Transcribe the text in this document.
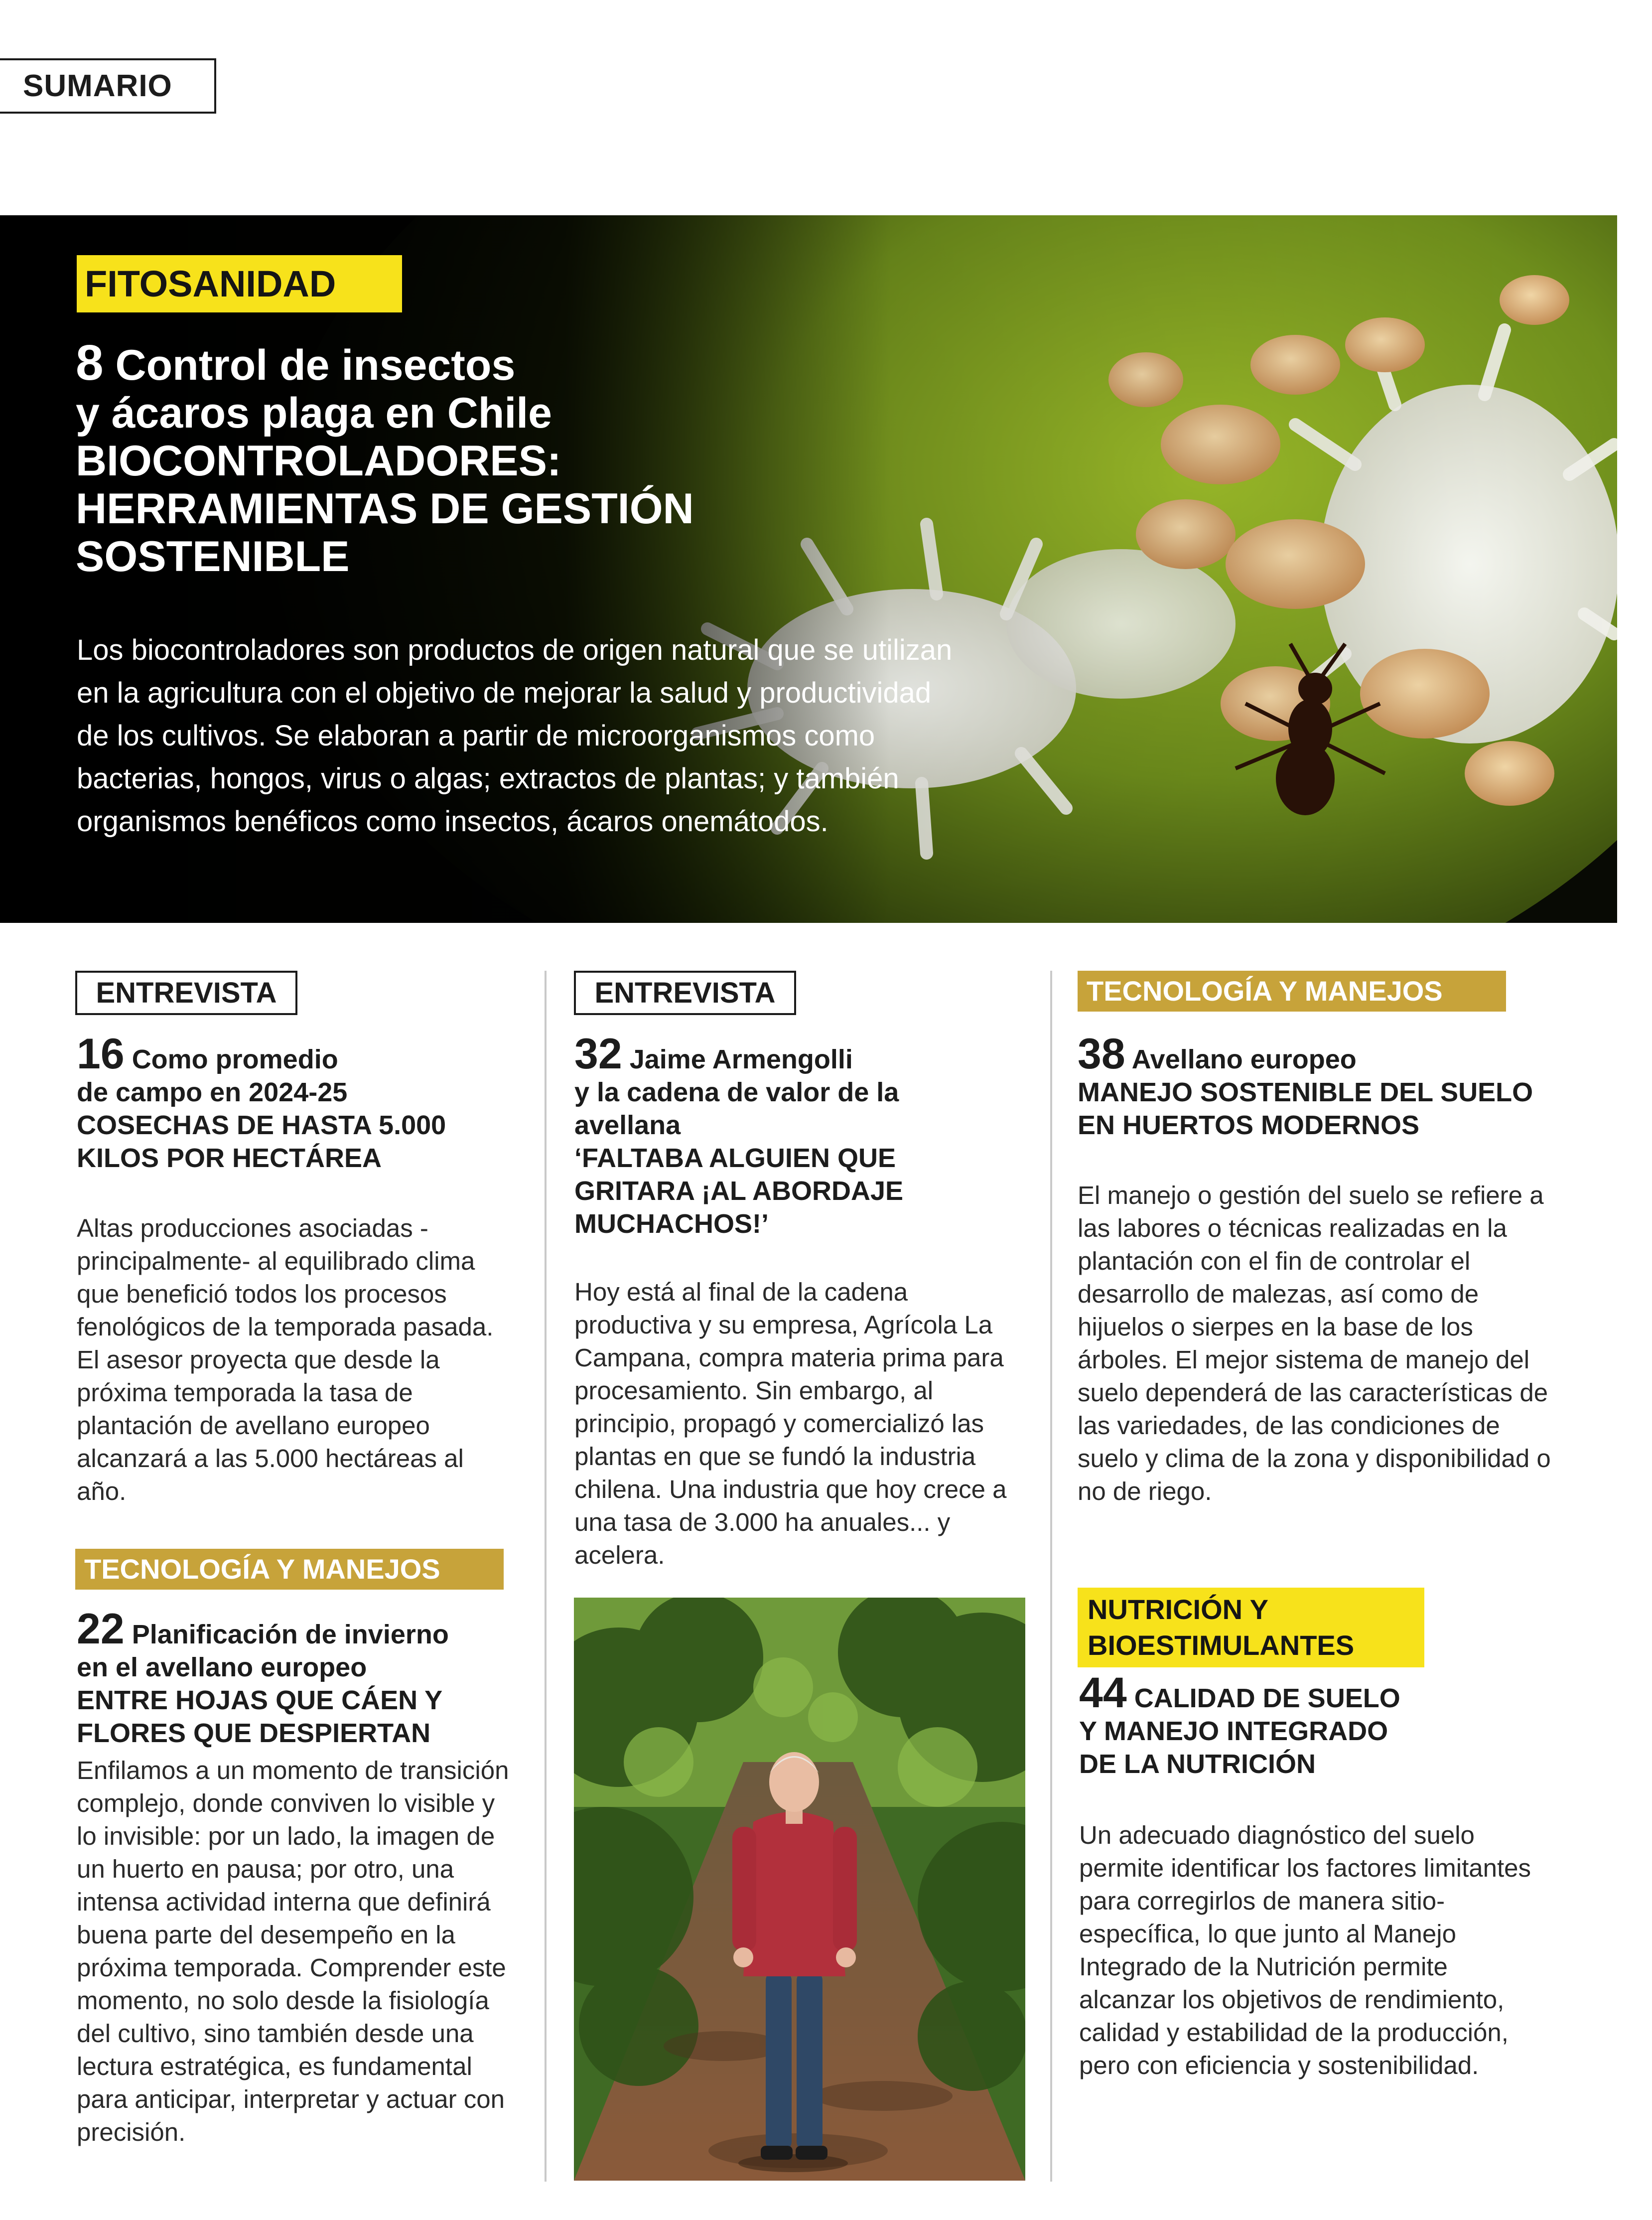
SUMARIO
FITOSANIDAD
8 Control de insectos
y ácaros plaga en Chile
BIOCONTROLADORES: HERRAMIENTAS DE GESTIÓN SOSTENIBLE
Los biocontroladores son productos de origen natural que se utilizan en la agricultura con el objetivo de mejorar la salud y productividad de los cultivos. Se elaboran a partir de microorganismos como bacterias, hongos, virus o algas; extractos de plantas; y también organismos benéficos como insectos, ácaros onemátodos.
ENTREVISTA
16 Como promedio
de campo en 2024-25
COSECHAS DE HASTA 5.000 KILOS POR HECTÁREA
Altas producciones asociadas -principalmente- al equilibrado clima que benefició todos los procesos fenológicos de la temporada pasada. El asesor proyecta que desde la próxima temporada la tasa de plantación de avellano europeo alcanzará a las 5.000 hectáreas al año.
TECNOLOGÍA Y MANEJOS
22 Planificación de invierno
en el avellano europeo
ENTRE HOJAS QUE CÁEN Y FLORES QUE DESPIERTAN
Enfilamos a un momento de transición complejo, donde conviven lo visible y lo invisible: por un lado, la imagen de un huerto en pausa; por otro, una intensa actividad interna que definirá buena parte del desempeño en la próxima temporada. Comprender este momento, no solo desde la fisiología del cultivo, sino también desde una lectura estratégica, es fundamental para anticipar, interpretar y actuar con precisión.
ENTREVISTA
32 Jaime Armengolli
y la cadena de valor de la avellana
‘FALTABA ALGUIEN QUE GRITARA ¡AL ABORDAJE MUCHACHOS!’
Hoy está al final de la cadena productiva y su empresa, Agrícola La Campana, compra materia prima para procesamiento. Sin embargo, al principio, propagó y comercializó las plantas en que se fundó la industria chilena. Una industria que hoy crece a una tasa de 3.000 ha anuales... y acelera.
TECNOLOGÍA Y MANEJOS
38 Avellano europeo
MANEJO SOSTENIBLE DEL SUELO EN HUERTOS MODERNOS
El manejo o gestión del suelo se refiere a las labores o técnicas realizadas en la plantación con el fin de controlar el desarrollo de malezas, así como de hijuelos o sierpes en la base de los árboles. El mejor sistema de manejo del suelo dependerá de las características de las variedades, de las condiciones de suelo y clima de la zona y disponibilidad o no de riego.
NUTRICIÓN Y
BIOESTIMULANTES
44 CALIDAD DE SUELO
Y MANEJO INTEGRADO
DE LA NUTRICIÓN
Un adecuado diagnóstico del suelo permite identificar los factores limitantes para corregirlos de manera sitio-específica, lo que junto al Manejo Integrado de la Nutrición permite alcanzar los objetivos de rendimiento, calidad y estabilidad de la producción, pero con eficiencia y sostenibilidad.
